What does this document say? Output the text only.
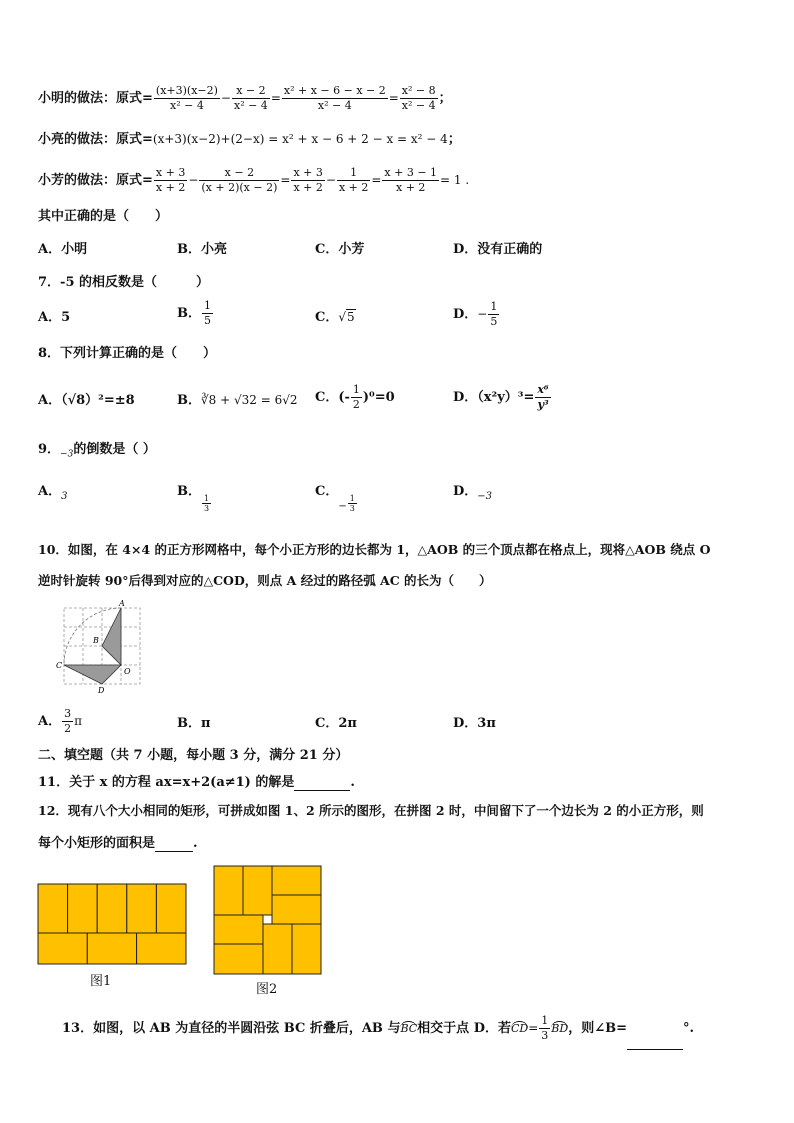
小明的做法：原式= $\frac{(x+3)(x-2)}{\text{x² − 4}} - \frac{x - 2}{\text{x² − 4}} = \frac{\text{x² + x − 6 − x − 2}}{\text{x² − 4}} = \frac{\text{x² − 8}}{\text{x² − 4}}$ ；
小亮的做法：原式=(x+3)(x−2)+(2−x) = x² + x − 6 + 2 − x = x² − 4；
小芳的做法：原式= $\frac{x + 3}{x + 2} - \frac{x - 2}{(x + 2)(x - 2)} = \frac{x + 3}{x + 2} - \frac{1}{x + 2} = \frac{x + 3 - 1}{x + 2} = 1$ .
其中正确的是（　　）
A．小明	B．小亮	C．小芳	D．没有正确的
7．-5 的相反数是（　　　）
A．5	B． $\frac{1}{5}$	C．√5	D．− $\frac{1}{5}$
8．下列计算正确的是（　　）
A．（√8）²=±8	B．∛8 + √32 = 6√2 C．(- $\frac{1}{2} )^0=0$	D．$(x^2y)^3= \frac{\text{x⁶}}{\text{y³}}$
9．$_{-3}$的倒数是（ ）
A．$_3$	B．
$\frac{1}{3}$
C．$_- \frac{1}{3}$
D．$_{-3}$
10．如图，在 4×4 的正方形网格中，每个小正方形的边长都为 1，△AOB 的三个顶点都在格点上，现将△AOB 绕点 O
逆时针旋转 90°后得到对应的△COD，则点 A 经过的路径弧 AC 的长为（　　）
A
B
C
O
D
A． $\frac{3}{2}$ π	B．π	C．2π	D．3π
二、填空题（共 7 小题，每小题 3 分，满分 21 分）
11．关于 x 的方程 ax=x+2(a≠1) 的解是	.
12．现有八个大小相同的矩形，可拼成如图 1、2 所示的图形，在拼图 2 时，中间留下了一个边长为 2 的小正方形，则
每个小矩形的面积是	.
图1
图2
13．如图，以 AB 为直径的半圆沿弦 BC 折叠后，AB 与BC相交于点 D．若$CD= \frac{1}{3}$ BD，则∠B=	°.
